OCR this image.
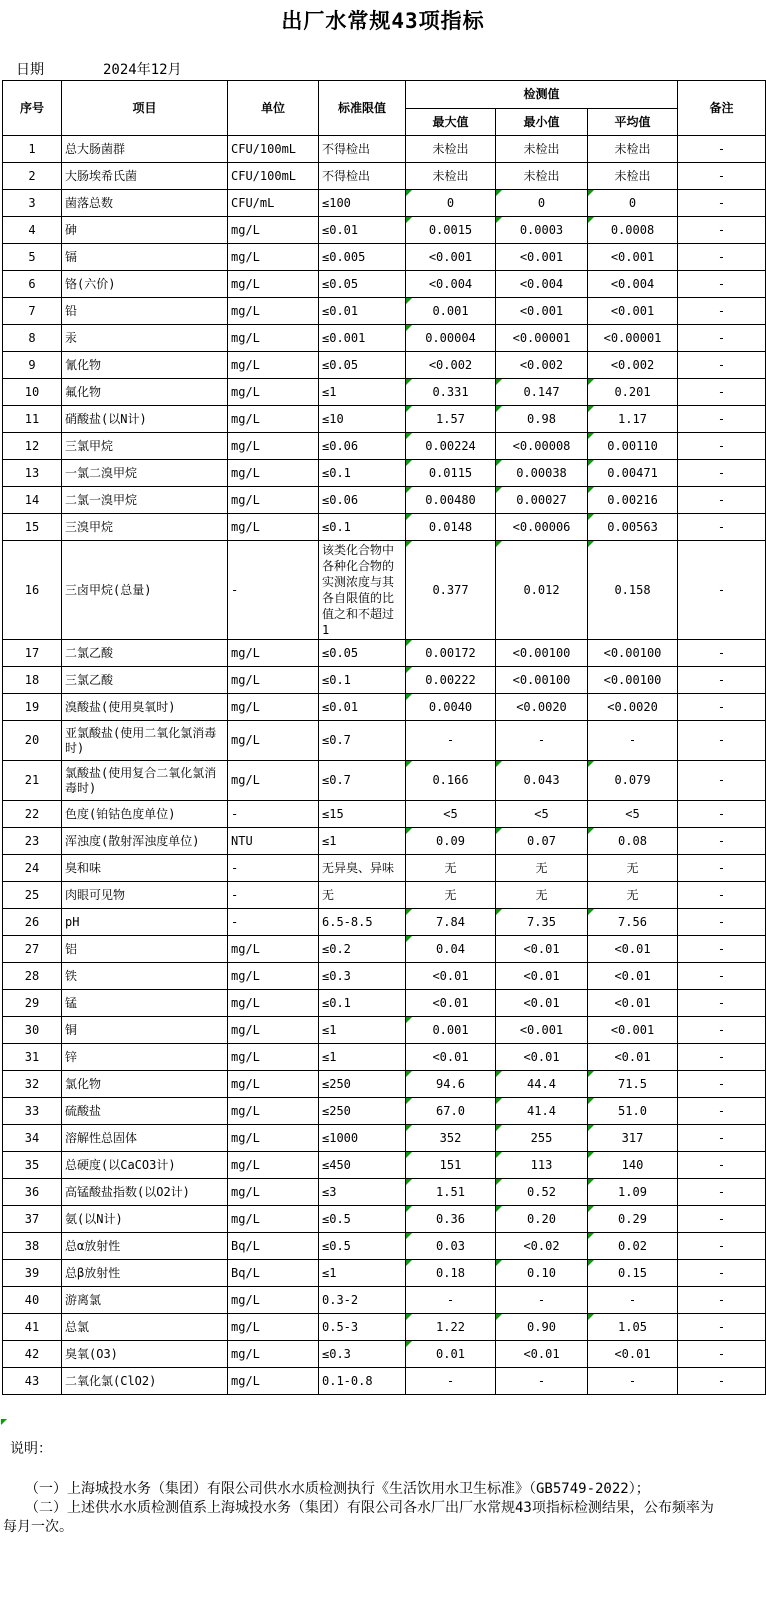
出厂水常规43项指标
日期	2024年12月
序号	项目	单位	标准限值	检测值			备注
				最大值	最小值	平均值	
1	总大肠菌群	CFU/100mL	不得检出	未检出	未检出	未检出	-
2	大肠埃希氏菌	CFU/100mL	不得检出	未检出	未检出	未检出	-
3	菌落总数	CFU/mL	≤100	0	0	0	-
4	砷	mg/L	≤0.01	0.0015	0.0003	0.0008	-
5	镉	mg/L	≤0.005	<0.001	<0.001	<0.001	-
6	铬(六价)	mg/L	≤0.05	<0.004	<0.004	<0.004	-
7	铅	mg/L	≤0.01	0.001	<0.001	<0.001	-
8	汞	mg/L	≤0.001	0.00004	<0.00001	<0.00001	-
9	氰化物	mg/L	≤0.05	<0.002	<0.002	<0.002	-
10	氟化物	mg/L	≤1	0.331	0.147	0.201	-
11	硝酸盐(以N计)	mg/L	≤10	1.57	0.98	1.17	-
12	三氯甲烷	mg/L	≤0.06	0.00224	<0.00008	0.00110	-
13	一氯二溴甲烷	mg/L	≤0.1	0.0115	0.00038	0.00471	-
14	二氯一溴甲烷	mg/L	≤0.06	0.00480	0.00027	0.00216	-
15	三溴甲烷	mg/L	≤0.1	0.0148	<0.00006	0.00563	-
16	三卤甲烷(总量)	-	该类化合物中各种化合物的实测浓度与其各自限值的比值之和不超过1	0.377	0.012	0.158	-
17	二氯乙酸	mg/L	≤0.05	0.00172	<0.00100	<0.00100	-
18	三氯乙酸	mg/L	≤0.1	0.00222	<0.00100	<0.00100	-
19	溴酸盐(使用臭氧时)	mg/L	≤0.01	0.0040	<0.0020	<0.0020	-
20	亚氯酸盐(使用二氧化氯消毒时)	mg/L	≤0.7	-	-	-	-
21	氯酸盐(使用复合二氧化氯消毒时)	mg/L	≤0.7	0.166	0.043	0.079	-
22	色度(铂钴色度单位)	-	≤15	<5	<5	<5	-
23	浑浊度(散射浑浊度单位)	NTU	≤1	0.09	0.07	0.08	-
24	臭和味	-	无异臭、异味	无	无	无	-
25	肉眼可见物	-	无	无	无	无	-
26	pH	-	6.5-8.5	7.84	7.35	7.56	-
27	铝	mg/L	≤0.2	0.04	<0.01	<0.01	-
28	铁	mg/L	≤0.3	<0.01	<0.01	<0.01	-
29	锰	mg/L	≤0.1	<0.01	<0.01	<0.01	-
30	铜	mg/L	≤1	0.001	<0.001	<0.001	-
31	锌	mg/L	≤1	<0.01	<0.01	<0.01	-
32	氯化物	mg/L	≤250	94.6	44.4	71.5	-
33	硫酸盐	mg/L	≤250	67.0	41.4	51.0	-
34	溶解性总固体	mg/L	≤1000	352	255	317	-
35	总硬度(以CaCO3计)	mg/L	≤450	151	113	140	-
36	高锰酸盐指数(以O2计)	mg/L	≤3	1.51	0.52	1.09	-
37	氨(以N计)	mg/L	≤0.5	0.36	0.20	0.29	-
38	总α放射性	Bq/L	≤0.5	0.03	<0.02	0.02	-
39	总β放射性	Bq/L	≤1	0.18	0.10	0.15	-
40	游离氯	mg/L	0.3-2	-	-	-	-
41	总氯	mg/L	0.5-3	1.22	0.90	1.05	-
42	臭氧(O3)	mg/L	≤0.3	0.01	<0.01	<0.01	-
43	二氧化氯(ClO2)	mg/L	0.1-0.8	-	-	-	-
说明：
（一）上海城投水务（集团）有限公司供水水质检测执行《生活饮用水卫生标准》（GB5749-2022）；
（二）上述供水水质检测值系上海城投水务（集团）有限公司各水厂出厂水常规43项指标检测结果，公布频率为
每月一次。
